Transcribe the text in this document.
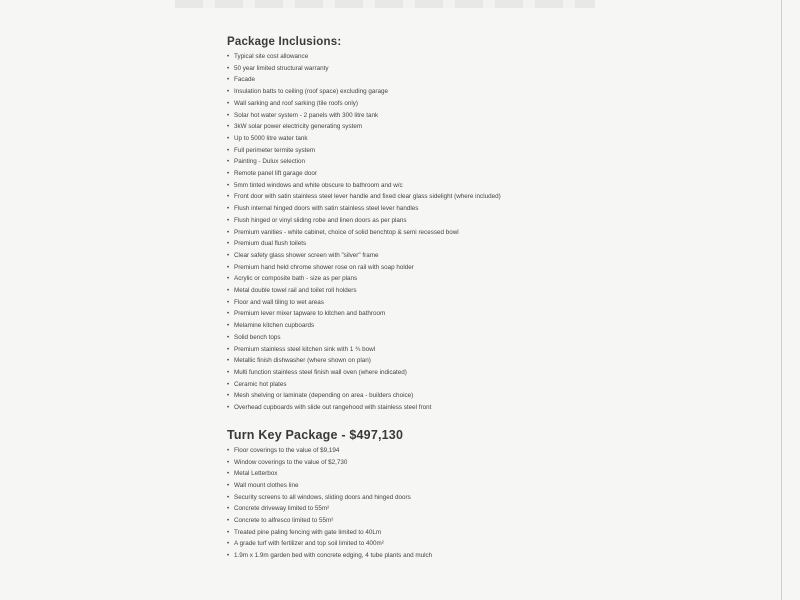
Package Inclusions:
• Typical site cost allowance
• 50 year limited structural warranty
• Facade
• Insulation batts to ceiling (roof space) excluding garage
• Wall sarking and roof sarking (tile roofs only)
• Solar hot water system - 2 panels with 300 litre tank
• 3kW solar power electricity generating system
• Up to 5000 litre water tank
• Full perimeter termite system
• Painting - Dulux selection
• Remote panel lift garage door
• 5mm tinted windows and white obscure to bathroom and w/c
• Front door with satin stainless steel lever handle and fixed clear glass sidelight (where included)
• Flush internal hinged doors with satin stainless steel lever handles
• Flush hinged or vinyl sliding robe and linen doors as per plans
• Premium vanities - white cabinet, choice of solid benchtop & semi recessed bowl
• Premium dual flush toilets
• Clear safety glass shower screen with "silver" frame
• Premium hand held chrome shower rose on rail with soap holder
• Acrylic or composite bath - size as per plans
• Metal double towel rail and toilet roll holders
• Floor and wall tiling to wet areas
• Premium lever mixer tapware to kitchen and bathroom
• Melamine kitchen cupboards
• Solid bench tops
• Premium stainless steel kitchen sink with 1 ¾ bowl
• Metallic finish dishwasher (where shown on plan)
• Multi function stainless steel finish wall oven (where indicated)
• Ceramic hot plates
• Mesh shelving or laminate (depending on area - builders choice)
• Overhead cupboards with slide out rangehood with stainless steel front
Turn Key Package - $497,130
• Floor coverings to the value of $9,194
• Window coverings to the value of $2,730
• Metal Letterbox
• Wall mount clothes line
• Security screens to all windows, sliding doors and hinged doors
• Concrete driveway limited to 55m²
• Concrete to alfresco limited to 55m²
• Treated pine paling fencing with gate limited to 40Lm
• A grade turf with fertilizer and top soil limited to 400m²
• 1.9m x 1.9m garden bed with concrete edging, 4 tube plants and mulch
